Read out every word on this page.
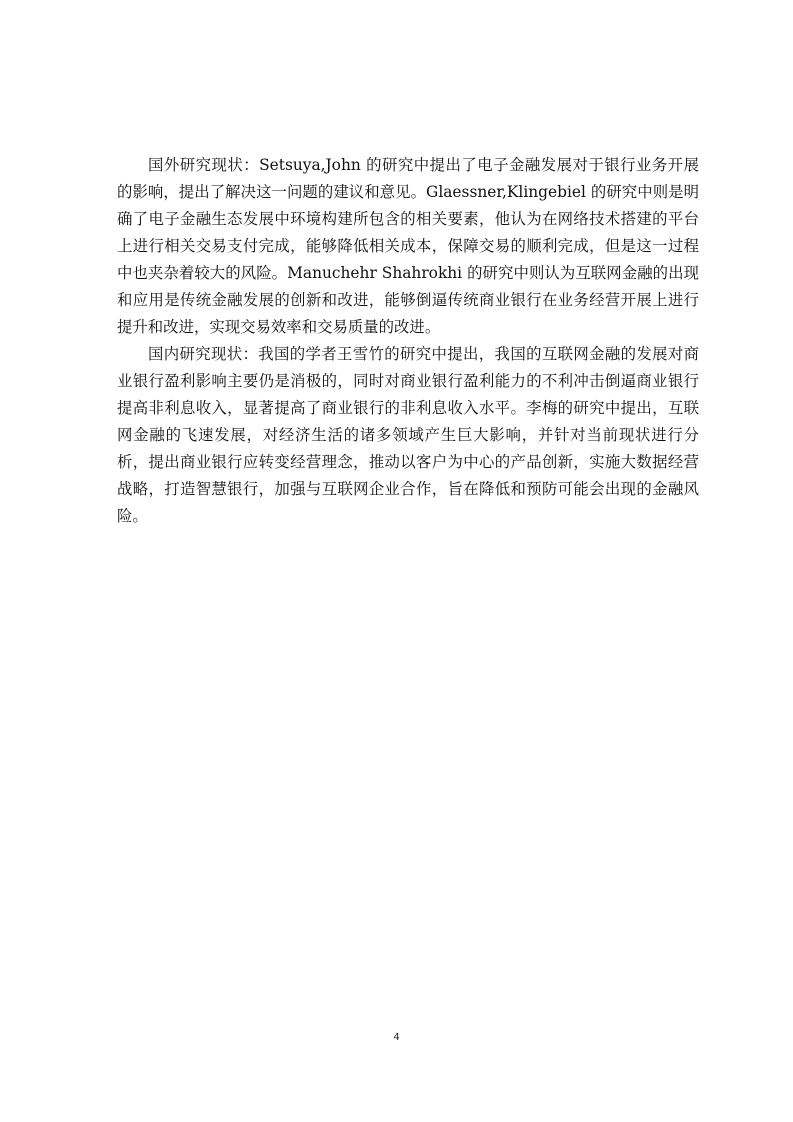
国外研究现状：Setsuya,John 的研究中提出了电子金融发展对于银行业务开展的影响，提出了解决这一问题的建议和意见。Glaessner,Klingebiel 的研究中则是明确了电子金融生态发展中环境构建所包含的相关要素，他认为在网络技术搭建的平台上进行相关交易支付完成，能够降低相关成本，保障交易的顺利完成，但是这一过程中也夹杂着较大的风险。Manuchehr Shahrokhi 的研究中则认为互联网金融的出现和应用是传统金融发展的创新和改进，能够倒逼传统商业银行在业务经营开展上进行提升和改进，实现交易效率和交易质量的改进。

国内研究现状：我国的学者王雪竹的研究中提出，我国的互联网金融的发展对商业银行盈利影响主要仍是消极的，同时对商业银行盈利能力的不利冲击倒逼商业银行提高非利息收入，显著提高了商业银行的非利息收入水平。李梅的研究中提出，互联网金融的飞速发展，对经济生活的诸多领域产生巨大影响，并针对当前现状进行分析，提出商业银行应转变经营理念，推动以客户为中心的产品创新，实施大数据经营战略，打造智慧银行，加强与互联网企业合作，旨在降低和预防可能会出现的金融风险。

4
